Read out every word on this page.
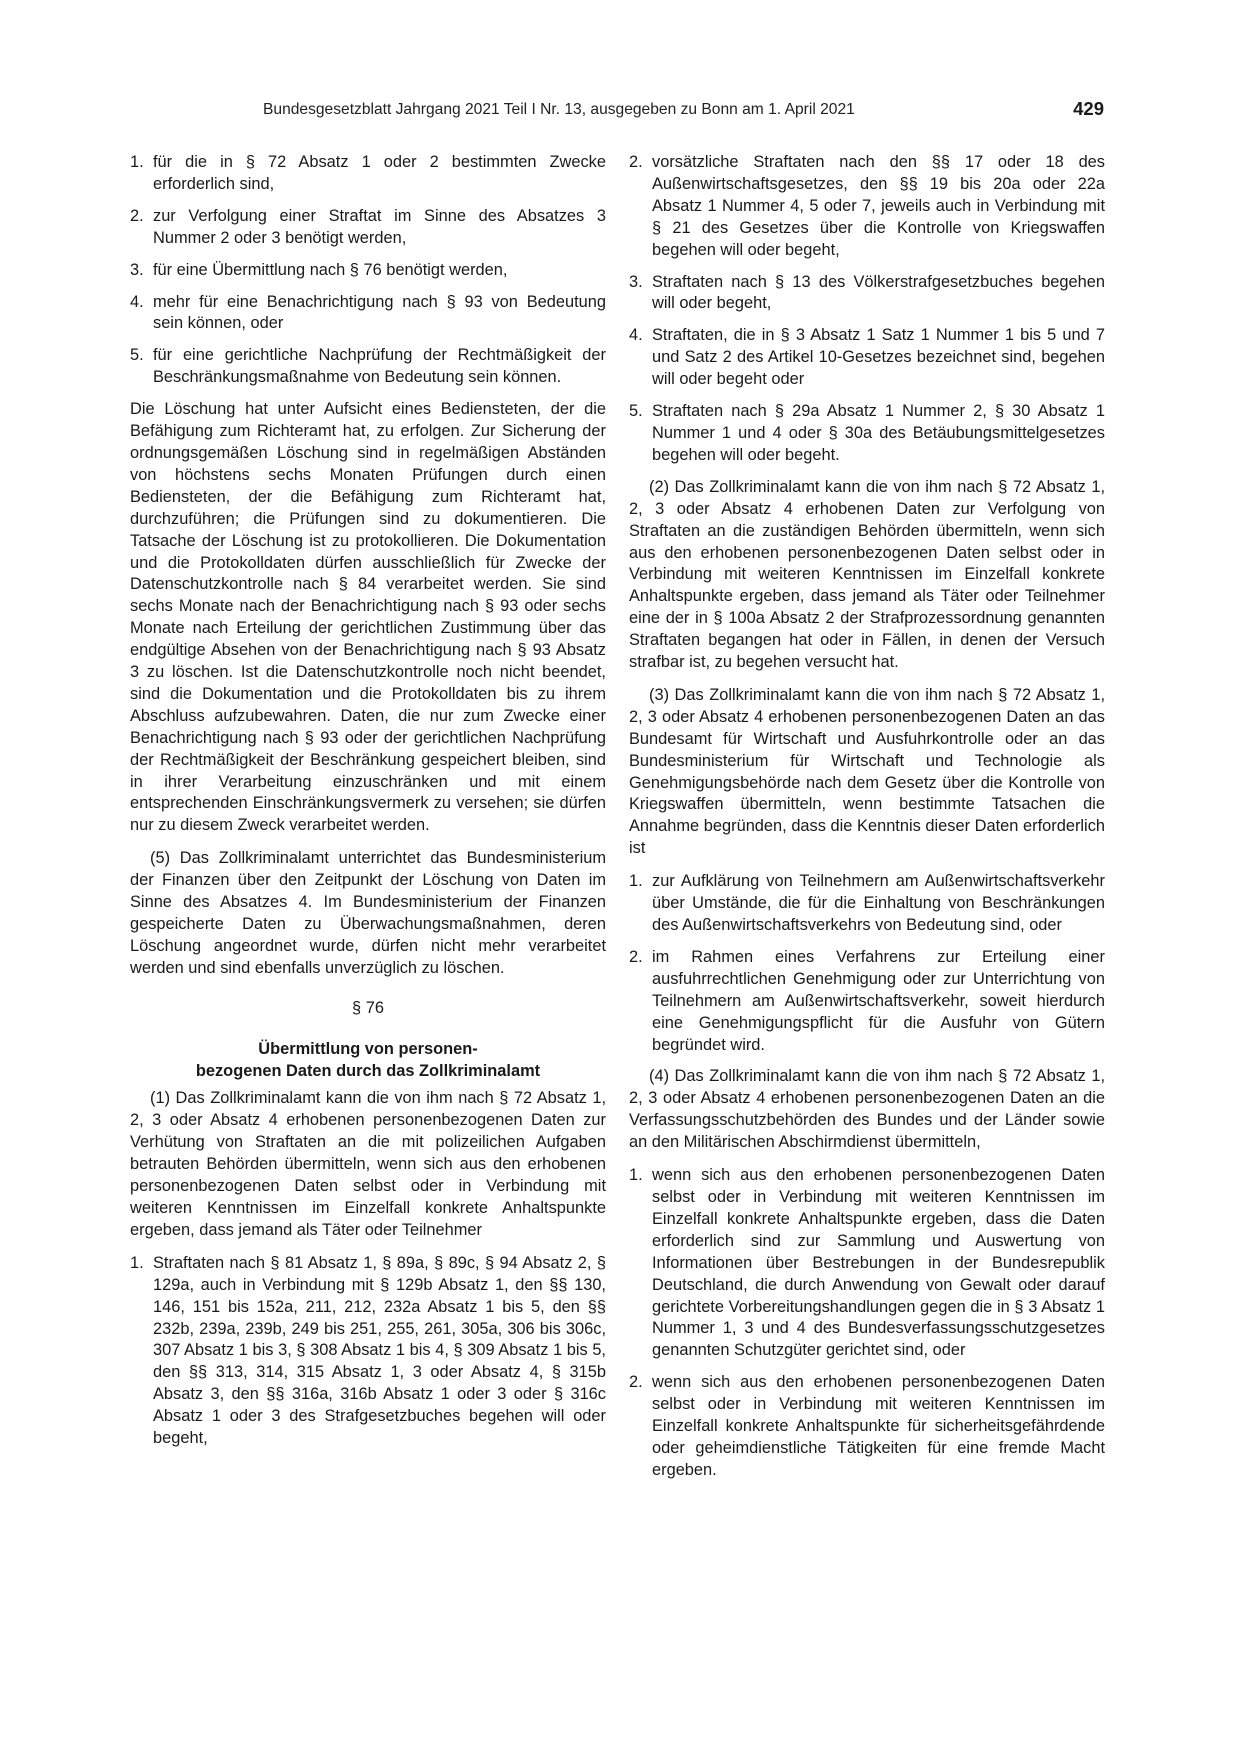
Bundesgesetzblatt Jahrgang 2021 Teil I Nr. 13, ausgegeben zu Bonn am 1. April 2021	429
1. für die in § 72 Absatz 1 oder 2 bestimmten Zwecke erforderlich sind,
2. zur Verfolgung einer Straftat im Sinne des Absatzes 3 Nummer 2 oder 3 benötigt werden,
3. für eine Übermittlung nach § 76 benötigt werden,
4. mehr für eine Benachrichtigung nach § 93 von Bedeutung sein können, oder
5. für eine gerichtliche Nachprüfung der Rechtmäßigkeit der Beschränkungsmaßnahme von Bedeutung sein können.

Die Löschung hat unter Aufsicht eines Bediensteten, der die Befähigung zum Richteramt hat, zu erfolgen. Zur Sicherung der ordnungsgemäßen Löschung sind in regelmäßigen Abständen von höchstens sechs Monaten Prüfungen durch einen Bediensteten, der die Befähigung zum Richteramt hat, durchzuführen; die Prüfungen sind zu dokumentieren. Die Tatsache der Löschung ist zu protokollieren. Die Dokumentation und die Protokolldaten dürfen ausschließlich für Zwecke der Datenschutzkontrolle nach § 84 verarbeitet werden. Sie sind sechs Monate nach der Benachrichtigung nach § 93 oder sechs Monate nach Erteilung der gerichtlichen Zustimmung über das endgültige Absehen von der Benachrichtigung nach § 93 Absatz 3 zu löschen. Ist die Datenschutzkontrolle noch nicht beendet, sind die Dokumentation und die Protokolldaten bis zu ihrem Abschluss aufzubewahren. Daten, die nur zum Zwecke einer Benachrichtigung nach § 93 oder der gerichtlichen Nachprüfung der Rechtmäßigkeit der Beschränkung gespeichert bleiben, sind in ihrer Verarbeitung einzuschränken und mit einem entsprechenden Einschränkungsvermerk zu versehen; sie dürfen nur zu diesem Zweck verarbeitet werden.

(5) Das Zollkriminalamt unterrichtet das Bundesministerium der Finanzen über den Zeitpunkt der Löschung von Daten im Sinne des Absatzes 4. Im Bundesministerium der Finanzen gespeicherte Daten zu Überwachungsmaßnahmen, deren Löschung angeordnet wurde, dürfen nicht mehr verarbeitet werden und sind ebenfalls unverzüglich zu löschen.

§ 76
Übermittlung von personen-
bezogenen Daten durch das Zollkriminalamt

(1) Das Zollkriminalamt kann die von ihm nach § 72 Absatz 1, 2, 3 oder Absatz 4 erhobenen personenbezogenen Daten zur Verhütung von Straftaten an die mit polizeilichen Aufgaben betrauten Behörden übermitteln, wenn sich aus den erhobenen personenbezogenen Daten selbst oder in Verbindung mit weiteren Kenntnissen im Einzelfall konkrete Anhaltspunkte ergeben, dass jemand als Täter oder Teilnehmer

1. Straftaten nach § 81 Absatz 1, § 89a, § 89c, § 94 Absatz 2, § 129a, auch in Verbindung mit § 129b Absatz 1, den §§ 130, 146, 151 bis 152a, 211, 212, 232a Absatz 1 bis 5, den §§ 232b, 239a, 239b, 249 bis 251, 255, 261, 305a, 306 bis 306c, 307 Absatz 1 bis 3, § 308 Absatz 1 bis 4, § 309 Absatz 1 bis 5, den §§ 313, 314, 315 Absatz 1, 3 oder Absatz 4, § 315b Absatz 3, den §§ 316a, 316b Absatz 1 oder 3 oder § 316c Absatz 1 oder 3 des Strafgesetzbuches begehen will oder begeht,
2. vorsätzliche Straftaten nach den §§ 17 oder 18 des Außenwirtschaftsgesetzes, den §§ 19 bis 20a oder 22a Absatz 1 Nummer 4, 5 oder 7, jeweils auch in Verbindung mit § 21 des Gesetzes über die Kontrolle von Kriegswaffen begehen will oder begeht,
3. Straftaten nach § 13 des Völkerstrafgesetzbuches begehen will oder begeht,
4. Straftaten, die in § 3 Absatz 1 Satz 1 Nummer 1 bis 5 und 7 und Satz 2 des Artikel 10-Gesetzes bezeichnet sind, begehen will oder begeht oder
5. Straftaten nach § 29a Absatz 1 Nummer 2, § 30 Absatz 1 Nummer 1 und 4 oder § 30a des Betäubungsmittelgesetzes begehen will oder begeht.

(2) Das Zollkriminalamt kann die von ihm nach § 72 Absatz 1, 2, 3 oder Absatz 4 erhobenen Daten zur Verfolgung von Straftaten an die zuständigen Behörden übermitteln, wenn sich aus den erhobenen personenbezogenen Daten selbst oder in Verbindung mit weiteren Kenntnissen im Einzelfall konkrete Anhaltspunkte ergeben, dass jemand als Täter oder Teilnehmer eine der in § 100a Absatz 2 der Strafprozessordnung genannten Straftaten begangen hat oder in Fällen, in denen der Versuch strafbar ist, zu begehen versucht hat.

(3) Das Zollkriminalamt kann die von ihm nach § 72 Absatz 1, 2, 3 oder Absatz 4 erhobenen personenbezogenen Daten an das Bundesamt für Wirtschaft und Ausfuhrkontrolle oder an das Bundesministerium für Wirtschaft und Technologie als Genehmigungsbehörde nach dem Gesetz über die Kontrolle von Kriegswaffen übermitteln, wenn bestimmte Tatsachen die Annahme begründen, dass die Kenntnis dieser Daten erforderlich ist

1. zur Aufklärung von Teilnehmern am Außenwirtschaftsverkehr über Umstände, die für die Einhaltung von Beschränkungen des Außenwirtschaftsverkehrs von Bedeutung sind, oder
2. im Rahmen eines Verfahrens zur Erteilung einer ausfuhrrechtlichen Genehmigung oder zur Unterrichtung von Teilnehmern am Außenwirtschaftsverkehr, soweit hierdurch eine Genehmigungspflicht für die Ausfuhr von Gütern begründet wird.

(4) Das Zollkriminalamt kann die von ihm nach § 72 Absatz 1, 2, 3 oder Absatz 4 erhobenen personenbezogenen Daten an die Verfassungsschutzbehörden des Bundes und der Länder sowie an den Militärischen Abschirmdienst übermitteln,

1. wenn sich aus den erhobenen personenbezogenen Daten selbst oder in Verbindung mit weiteren Kenntnissen im Einzelfall konkrete Anhaltspunkte ergeben, dass die Daten erforderlich sind zur Sammlung und Auswertung von Informationen über Bestrebungen in der Bundesrepublik Deutschland, die durch Anwendung von Gewalt oder darauf gerichtete Vorbereitungshandlungen gegen die in § 3 Absatz 1 Nummer 1, 3 und 4 des Bundesverfassungsschutzgesetzes genannten Schutzgüter gerichtet sind, oder
2. wenn sich aus den erhobenen personenbezogenen Daten selbst oder in Verbindung mit weiteren Kenntnissen im Einzelfall konkrete Anhaltspunkte für sicherheitsgefährdende oder geheimdienstliche Tätigkeiten für eine fremde Macht ergeben.
